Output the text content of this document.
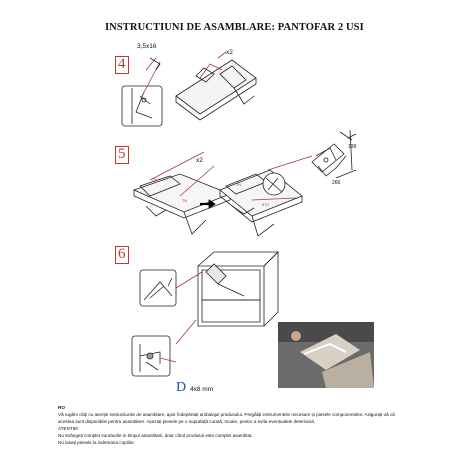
INSTRUCTIUNI DE ASAMBLARE: PANTOFAR 2 USI
4
5
6
3,5x16
x2
x2
199
266
D 4x8 mm
7N
7N
7N
670
RO
Vă rugăm citiți cu atenție instructiunile de asamblare, apoi îndepărtați ambalajul produsului. Pregătiți instrumentele necesare și piesele componentelor. Asigurați-vă că acestea sunt disponibile pentru asamblare. Așezați piesele pe o suprafață curată, moale, pentru a evita eventualele deteriorari.
ATENTIE!
Nu strângeți complet suruburile in timpul asamblarii, doar când produsul este complet asamblat.
Nu lasați piesele la indemana copiilor.
